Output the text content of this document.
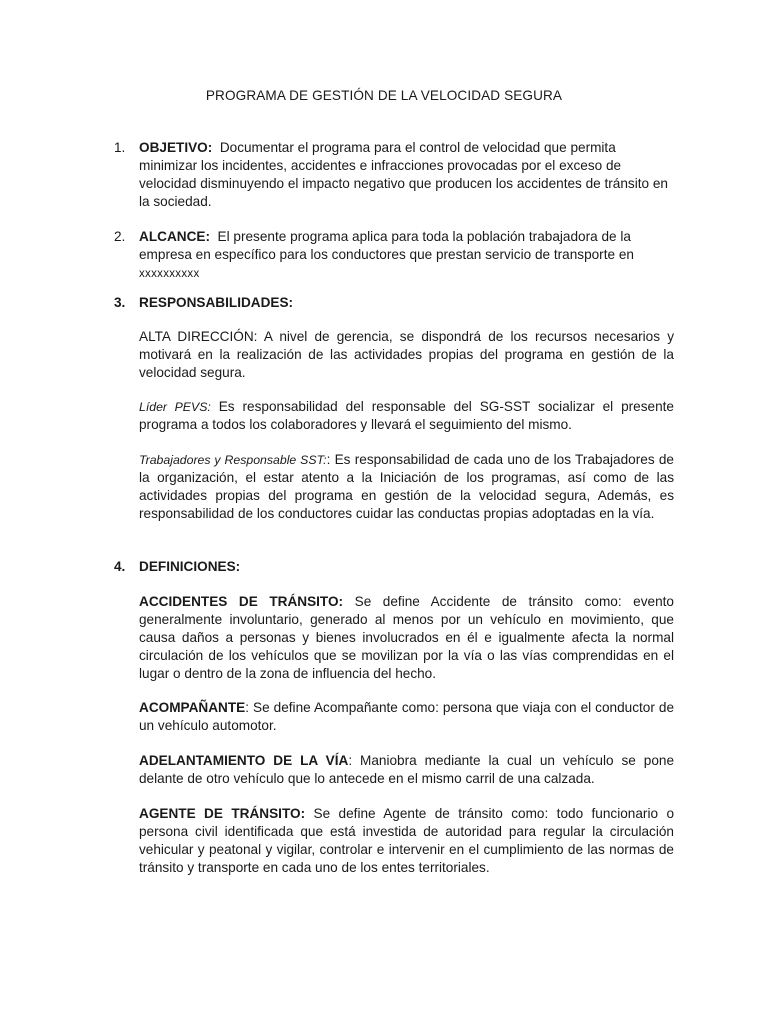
PROGRAMA DE GESTIÓN DE LA VELOCIDAD SEGURA
1.	OBJETIVO: Documentar el programa para el control de velocidad que permita minimizar los incidentes, accidentes e infracciones provocadas por el exceso de velocidad disminuyendo el impacto negativo que producen los accidentes de tránsito en la sociedad.
2.	ALCANCE: El presente programa aplica para toda la población trabajadora de la empresa en específico para los conductores que prestan servicio de transporte en xxxxxxxxxx
3.	RESPONSABILIDADES:
ALTA DIRECCIÓN: A nivel de gerencia, se dispondrá de los recursos necesarios y motivará en la realización de las actividades propias del programa en gestión de la velocidad segura.
Líder PEVS: Es responsabilidad del responsable del SG-SST socializar el presente programa a todos los colaboradores y llevará el seguimiento del mismo.
Trabajadores y Responsable SST:: Es responsabilidad de cada uno de los Trabajadores de la organización, el estar atento a la Iniciación de los programas, así como de las actividades propias del programa en gestión de la velocidad segura, Además, es responsabilidad de los conductores cuidar las conductas propias adoptadas en la vía.
4.	DEFINICIONES:
ACCIDENTES DE TRÁNSITO: Se define Accidente de tránsito como: evento generalmente involuntario, generado al menos por un vehículo en movimiento, que causa daños a personas y bienes involucrados en él e igualmente afecta la normal circulación de los vehículos que se movilizan por la vía o las vías comprendidas en el lugar o dentro de la zona de influencia del hecho.
ACOMPAÑANTE: Se define Acompañante como: persona que viaja con el conductor de un vehículo automotor.
ADELANTAMIENTO DE LA VÍA: Maniobra mediante la cual un vehículo se pone delante de otro vehículo que lo antecede en el mismo carril de una calzada.
AGENTE DE TRÁNSITO: Se define Agente de tránsito como: todo funcionario o persona civil identificada que está investida de autoridad para regular la circulación vehicular y peatonal y vigilar, controlar e intervenir en el cumplimiento de las normas de tránsito y transporte en cada uno de los entes territoriales.
